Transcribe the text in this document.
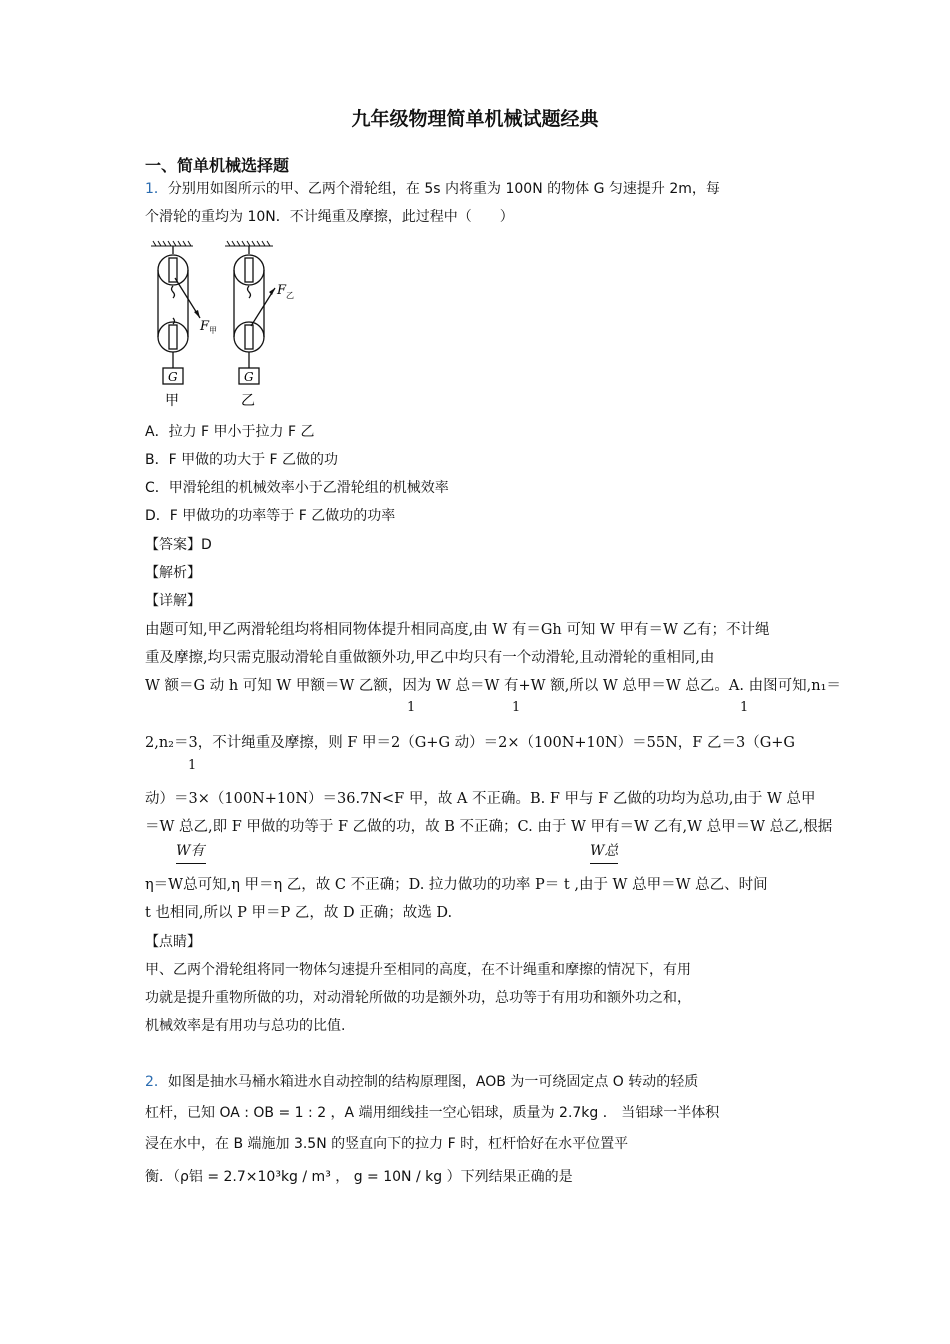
九年级物理简单机械试题经典
一、简单机械选择题
1．分别用如图所示的甲、乙两个滑轮组，在 5s 内将重为 100N 的物体 G 匀速提升 2m，每
个滑轮的重均为 10N．不计绳重及摩擦，此过程中（　　）
F 甲
G
甲
F 乙
G
乙
A．拉力 F 甲小于拉力 F 乙
B．F 甲做的功大于 F 乙做的功
C．甲滑轮组的机械效率小于乙滑轮组的机械效率
D．F 甲做功的功率等于 F 乙做功的功率
【答案】D
【解析】
【详解】
由题可知,甲乙两滑轮组均将相同物体提升相同高度,由 W 有＝Gh 可知 W 甲有＝W 乙有；不计绳
重及摩擦,均只需克服动滑轮自重做额外功,甲乙中均只有一个动滑轮,且动滑轮的重相同,由
W 额＝G 动 h 可知 W 甲额＝W 乙额，因为 W 总＝W 有+W 额,所以 W 总甲＝W 总乙。A. 由图可知,n₁＝
1	1	1
2,n₂＝3，不计绳重及摩擦，则 F 甲＝2（G+G 动）＝2×（100N+10N）＝55N，F 乙＝3（G+G
1
动）＝3×（100N+10N）＝36.7N<F 甲，故 A 不正确。B. F 甲与 F 乙做的功均为总功,由于 W 总甲
＝W 总乙,即 F 甲做的功等于 F 乙做的功，故 B 不正确；C. 由于 W 甲有＝W 乙有,W 总甲＝W 总乙,根据
W有	W总
η＝W总可知,η 甲＝η 乙，故 C 不正确；D. 拉力做功的功率 P＝ t ,由于 W 总甲＝W 总乙、时间
t 也相同,所以 P 甲＝P 乙，故 D 正确；故选 D.
【点睛】
甲、乙两个滑轮组将同一物体匀速提升至相同的高度，在不计绳重和摩擦的情况下，有用
功就是提升重物所做的功，对动滑轮所做的功是额外功，总功等于有用功和额外功之和，
机械效率是有用功与总功的比值.
2．如图是抽水马桶水箱进水自动控制的结构原理图，AOB 为一可绕固定点 O 转动的轻质
杠杆，已知 OA : OB = 1 : 2 ，A 端用细线挂一空心铝球，质量为 2.7kg ． 当铝球一半体积
浸在水中，在 B 端施加 3.5N 的竖直向下的拉力 F 时，杠杆恰好在水平位置平
衡．（ρ铝 = 2.7×10³kg / m³ ， g = 10N / kg ）下列结果正确的是
